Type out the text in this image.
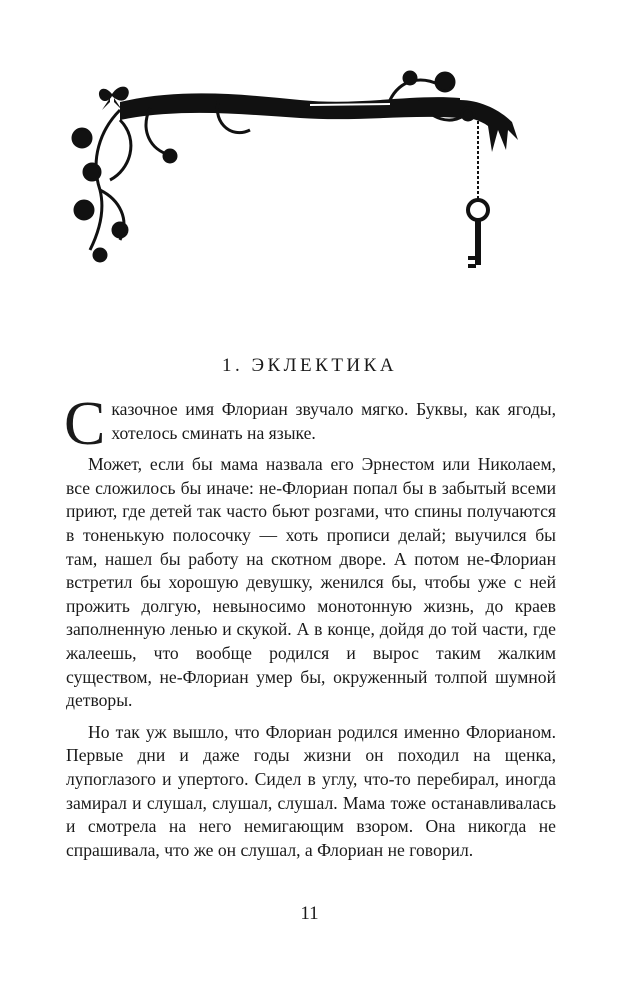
1. ЭКЛЕКТИКА

Сказочное имя Флориан звучало мягко. Буквы, как ягоды, хотелось сминать на языке.

Может, если бы мама назвала его Эрнестом или Николаем, все сложилось бы иначе: не-Флориан попал бы в забытый всеми приют, где детей так часто бьют розгами, что спины получаются в тоненькую полосочку — хоть прописи делай; выучился бы там, нашел бы работу на скотном дворе. А потом не-Флориан встретил бы хорошую девушку, женился бы, чтобы уже с ней прожить долгую, невыносимо монотонную жизнь, до краев заполненную ленью и скукой. А в конце, дойдя до той части, где жалеешь, что вообще родился и вырос таким жалким существом, не-Флориан умер бы, окруженный толпой шумной детворы.

Но так уж вышло, что Флориан родился именно Флорианом. Первые дни и даже годы жизни он походил на щенка, лупоглазого и упертого. Сидел в углу, что-то перебирал, иногда замирал и слушал, слушал, слушал. Мама тоже останавливалась и смотрела на него немигающим взором. Она никогда не спрашивала, что же он слушал, а Флориан не говорил.

11
